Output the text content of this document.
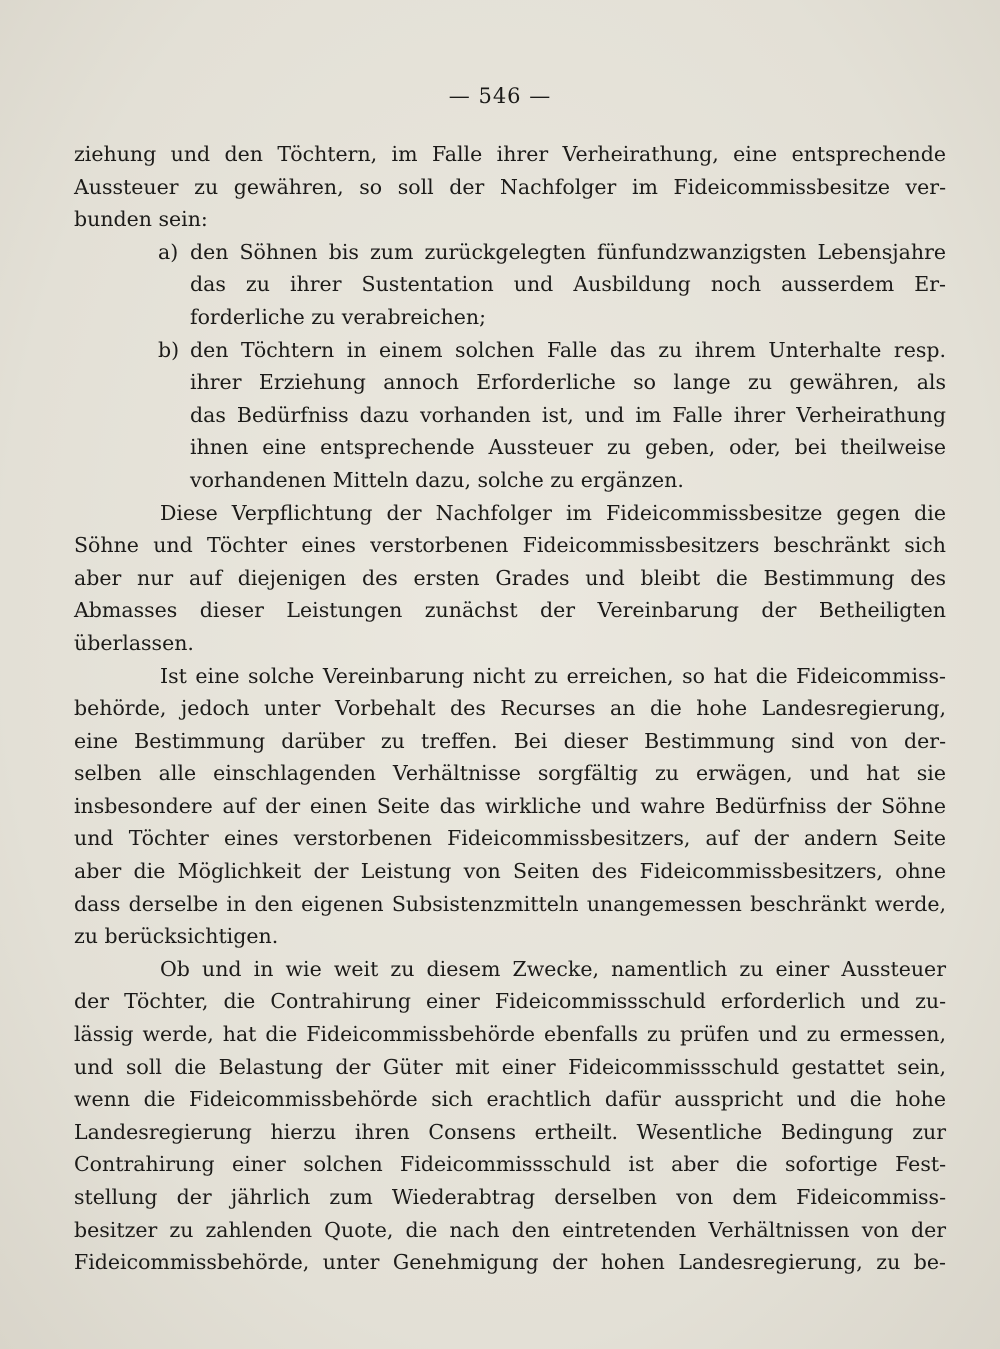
— 546 —
ziehung und den Töchtern, im Falle ihrer Verheirathung, eine entsprechende
Aussteuer zu gewähren, so soll der Nachfolger im Fideicommissbesitze ver-
bunden sein:
a) den Söhnen bis zum zurückgelegten fünfundzwanzigsten Lebensjahre
das zu ihrer Sustentation und Ausbildung noch ausserdem Er-
forderliche zu verabreichen;
b) den Töchtern in einem solchen Falle das zu ihrem Unterhalte resp.
ihrer Erziehung annoch Erforderliche so lange zu gewähren, als
das Bedürfniss dazu vorhanden ist, und im Falle ihrer Verheirathung
ihnen eine entsprechende Aussteuer zu geben, oder, bei theilweise
vorhandenen Mitteln dazu, solche zu ergänzen.
Diese Verpflichtung der Nachfolger im Fideicommissbesitze gegen die
Söhne und Töchter eines verstorbenen Fideicommissbesitzers beschränkt sich
aber nur auf diejenigen des ersten Grades und bleibt die Bestimmung des
Abmasses dieser Leistungen zunächst der Vereinbarung der Betheiligten
überlassen.
Ist eine solche Vereinbarung nicht zu erreichen, so hat die Fideicommiss-
behörde, jedoch unter Vorbehalt des Recurses an die hohe Landesregierung,
eine Bestimmung darüber zu treffen. Bei dieser Bestimmung sind von der-
selben alle einschlagenden Verhältnisse sorgfältig zu erwägen, und hat sie
insbesondere auf der einen Seite das wirkliche und wahre Bedürfniss der Söhne
und Töchter eines verstorbenen Fideicommissbesitzers, auf der andern Seite
aber die Möglichkeit der Leistung von Seiten des Fideicommissbesitzers, ohne
dass derselbe in den eigenen Subsistenzmitteln unangemessen beschränkt werde,
zu berücksichtigen.
Ob und in wie weit zu diesem Zwecke, namentlich zu einer Aussteuer
der Töchter, die Contrahirung einer Fideicommissschuld erforderlich und zu-
lässig werde, hat die Fideicommissbehörde ebenfalls zu prüfen und zu ermessen,
und soll die Belastung der Güter mit einer Fideicommissschuld gestattet sein,
wenn die Fideicommissbehörde sich erachtlich dafür ausspricht und die hohe
Landesregierung hierzu ihren Consens ertheilt. Wesentliche Bedingung zur
Contrahirung einer solchen Fideicommissschuld ist aber die sofortige Fest-
stellung der jährlich zum Wiederabtrag derselben von dem Fideicommiss-
besitzer zu zahlenden Quote, die nach den eintretenden Verhältnissen von der
Fideicommissbehörde, unter Genehmigung der hohen Landesregierung, zu be-
